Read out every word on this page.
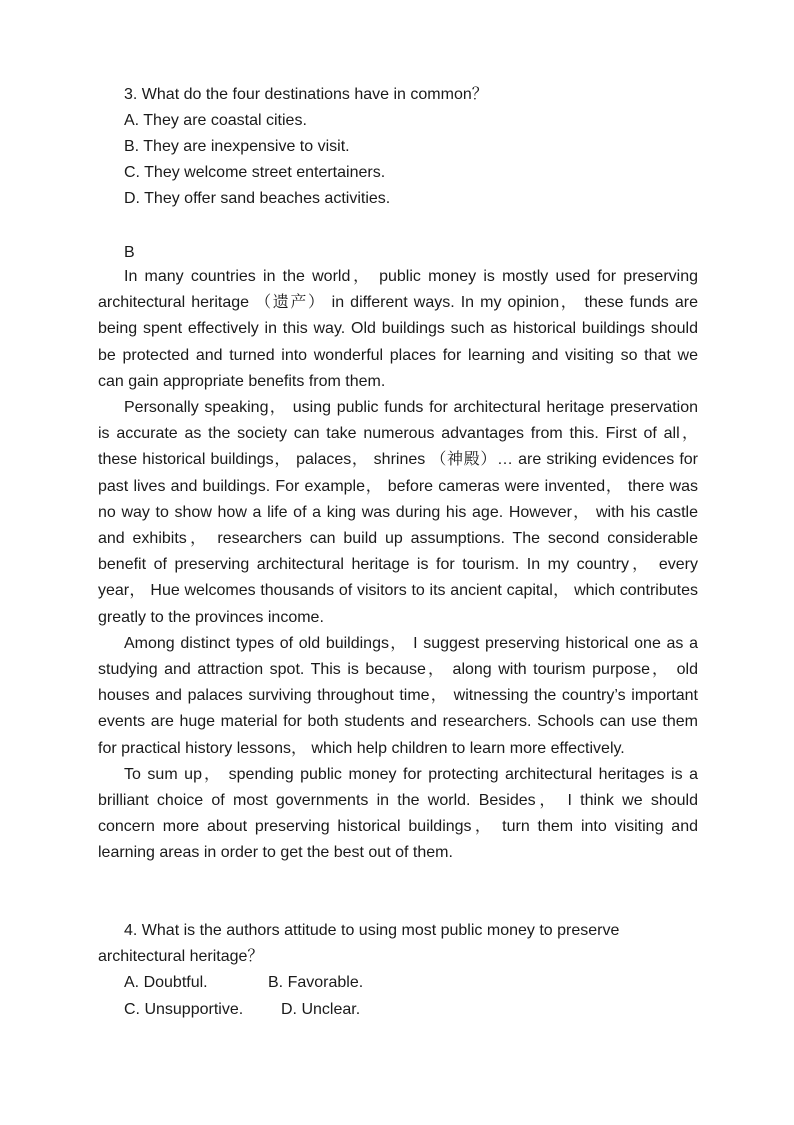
3. What do the four destinations have in common？
A. They are coastal cities.
B. They are inexpensive to visit.
C. They welcome street entertainers.
D. They offer sand beaches activities.
B

In many countries in the world， public money is mostly used for preserving architectural heritage （遗产） in different ways. In my opinion， these funds are being spent effectively in this way. Old buildings such as historical buildings should be protected and turned into wonderful places for learning and visiting so that we can gain appropriate benefits from them.

Personally speaking， using public funds for architectural heritage preservation is accurate as the society can take numerous advantages from this. First of all， these historical buildings， palaces， shrines （神殿）… are striking evidences for past lives and buildings. For example， before cameras were invented， there was no way to show how a life of a king was during his age. However， with his castle and exhibits， researchers can build up assumptions. The second considerable benefit of preserving architectural heritage is for tourism. In my country， every year， Hue welcomes thousands of visitors to its ancient capital， which contributes greatly to the provinces income.

Among distinct types of old buildings， I suggest preserving historical one as a studying and attraction spot. This is because， along with tourism purpose， old houses and palaces surviving throughout time， witnessing the country’s important events are huge material for both students and researchers. Schools can use them for practical history lessons， which help children to learn more effectively.

To sum up， spending public money for protecting architectural heritages is a brilliant choice of most governments in the world. Besides， I think we should concern more about preserving historical buildings， turn them into visiting and learning areas in order to get the best out of them.

4. What is the authors attitude to using most public money to preserve architectural heritage？

A. Doubtful.	B. Favorable.
C. Unsupportive. D. Unclear.
